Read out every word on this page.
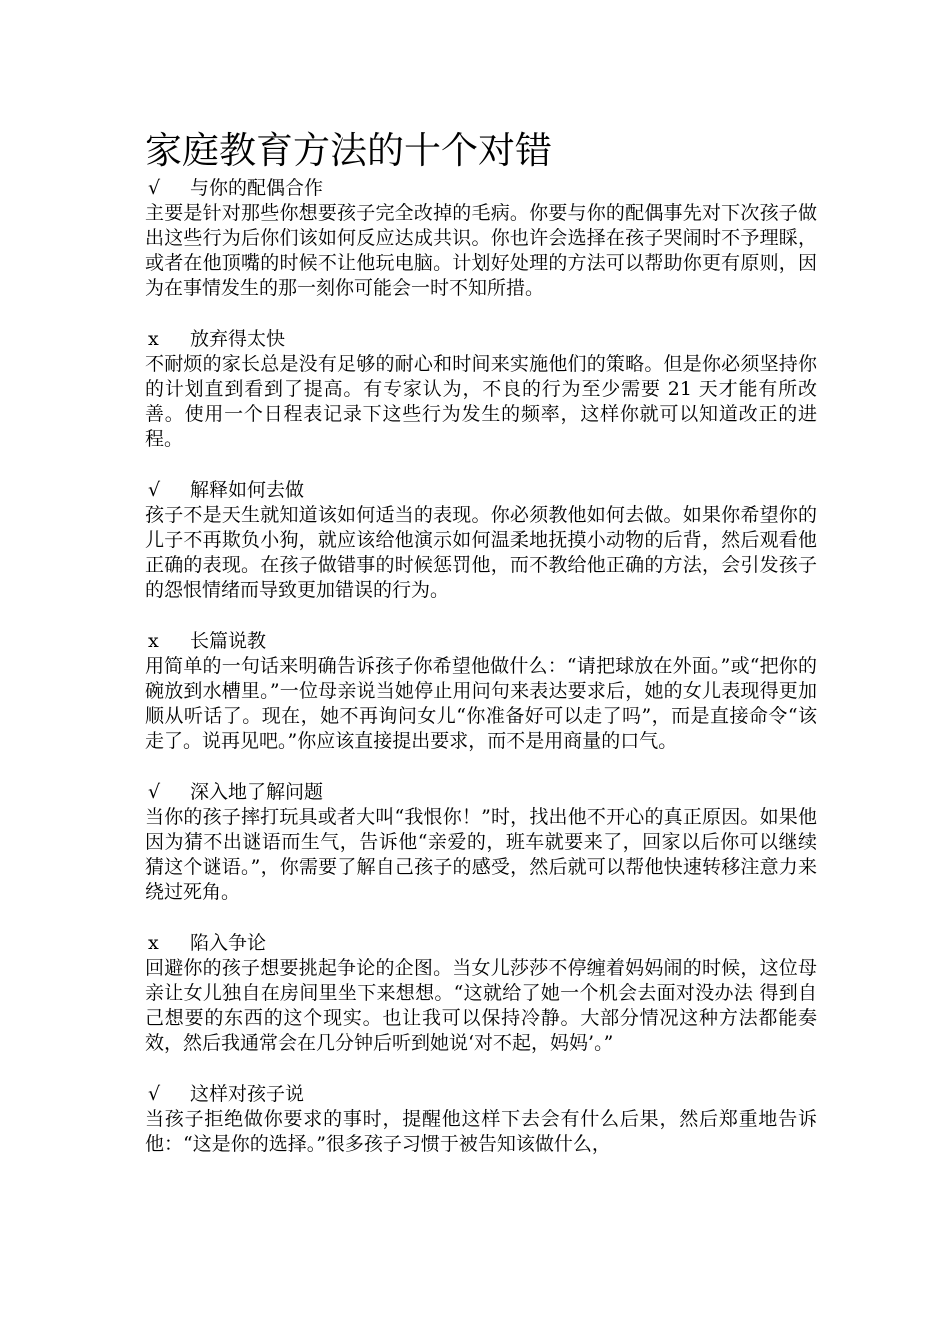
家庭教育方法的十个对错
√	与你的配偶合作
主要是针对那些你想要孩子完全改掉的毛病。你要与你的配偶事先对下次孩子做出这些行为后你们该如何反应达成共识。你也许会选择在孩子哭闹时不予理睬，或者在他顶嘴的时候不让他玩电脑。计划好处理的方法可以帮助你更有原则，因为在事情发生的那一刻你可能会一时不知所措。
x	放弃得太快
不耐烦的家长总是没有足够的耐心和时间来实施他们的策略。但是你必须坚持你的计划直到看到了提高。有专家认为，不良的行为至少需要 21 天才能有所改善。使用一个日程表记录下这些行为发生的频率，这样你就可以知道改正的进程。
√	解释如何去做
孩子不是天生就知道该如何适当的表现。你必须教他如何去做。如果你希望你的儿子不再欺负小狗，就应该给他演示如何温柔地抚摸小动物的后背，然后观看他正确的表现。在孩子做错事的时候惩罚他，而不教给他正确的方法，会引发孩子的怨恨情绪而导致更加错误的行为。
x	长篇说教
用简单的一句话来明确告诉孩子你希望他做什么：“请把球放在外面。”或“把你的碗放到水槽里。”一位母亲说当她停止用问句来表达要求后，她的女儿表现得更加顺从听话了。现在，她不再询问女儿“你准备好可以走了吗”，而是直接命令“该走了。说再见吧。”你应该直接提出要求，而不是用商量的口气。
√	深入地了解问题
当你的孩子摔打玩具或者大叫“我恨你！”时，找出他不开心的真正原因。如果他因为猜不出谜语而生气，告诉他“亲爱的，班车就要来了，回家以后你可以继续猜这个谜语。”，你需要了解自己孩子的感受，然后就可以帮他快速转移注意力来绕过死角。
x	陷入争论
回避你的孩子想要挑起争论的企图。当女儿莎莎不停缠着妈妈闹的时候，这位母亲让女儿独自在房间里坐下来想想。“这就给了她一个机会去面对没办法 得到自己想要的东西的这个现实。也让我可以保持冷静。大部分情况这种方法都能奏效，然后我通常会在几分钟后听到她说‘对不起，妈妈’。”
√	这样对孩子说
当孩子拒绝做你要求的事时，提醒他这样下去会有什么后果，然后郑重地告诉他：“这是你的选择。”很多孩子习惯于被告知该做什么，
